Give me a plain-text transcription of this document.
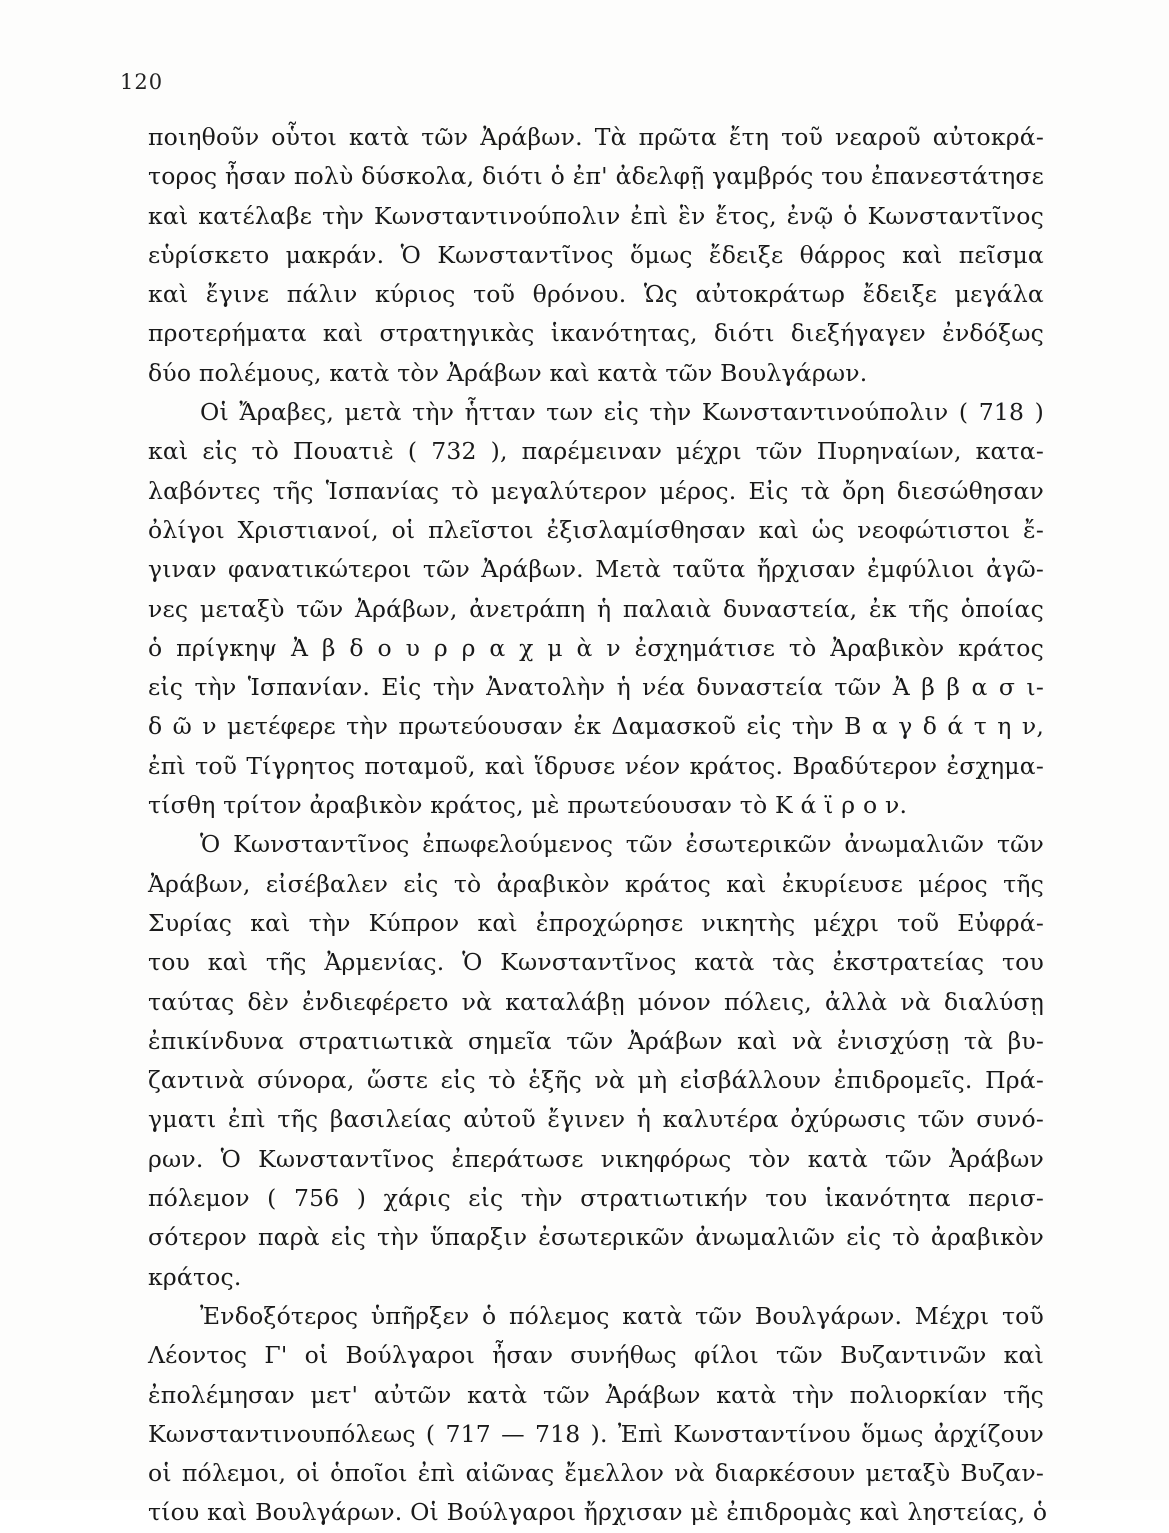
120
ποιηθοῦν οὗτοι κατὰ τῶν Ἀράβων. Τὰ πρῶτα ἔτη τοῦ νεαροῦ αὐτοκρά-
τορος ἦσαν πολὺ δύσκολα, διότι ὁ ἐπ' ἀδελφῇ γαμβρός του ἐπανεστάτησε
καὶ κατέλαβε τὴν Κωνσταντινούπολιν ἐπὶ ἓν ἔτος, ἐνῷ ὁ Κωνσταντῖνος
εὑρίσκετο μακράν. Ὁ Κωνσταντῖνος ὅμως ἔδειξε θάρρος καὶ πεῖσμα
καὶ ἔγινε πάλιν κύριος τοῦ θρόνου. Ὡς αὐτοκράτωρ ἔδειξε μεγάλα
προτερήματα καὶ στρατηγικὰς ἱκανότητας, διότι διεξήγαγεν ἐνδόξως
δύο πολέμους, κατὰ τὸν Ἀράβων καὶ κατὰ τῶν Βουλγάρων.
Οἱ Ἄραβες, μετὰ τὴν ἧτταν των εἰς τὴν Κωνσταντινούπολιν ( 718 )
καὶ εἰς τὸ Πουατιὲ ( 732 ), παρέμειναν μέχρι τῶν Πυρηναίων, κατα-
λαβόντες τῆς Ἱσπανίας τὸ μεγαλύτερον μέρος. Εἰς τὰ ὄρη διεσώθησαν
ὀλίγοι Χριστιανοί, οἱ πλεῖστοι ἐξισλαμίσθησαν καὶ ὡς νεοφώτιστοι ἔ-
γιναν φανατικώτεροι τῶν Ἀράβων. Μετὰ ταῦτα ἤρχισαν ἐμφύλιοι ἀγῶ-
νες μεταξὺ τῶν Ἀράβων, ἀνετράπη ἡ παλαιὰ δυναστεία, ἐκ τῆς ὁποίας
ὁ πρίγκηψ Ἀ β δ ο υ ρ ρ α χ μ ὰ ν ἐσχημάτισε τὸ Ἀραβικὸν κράτος
εἰς τὴν Ἱσπανίαν. Εἰς τὴν Ἀνατολὴν ἡ νέα δυναστεία τῶν Ἀ β β α σ ι-
δ ῶ ν μετέφερε τὴν πρωτεύουσαν ἐκ Δαμασκοῦ εἰς τὴν Β α γ δ ά τ η ν,
ἐπὶ τοῦ Τίγρητος ποταμοῦ, καὶ ἵδρυσε νέον κράτος. Βραδύτερον ἐσχημα-
τίσθη τρίτον ἀραβικὸν κράτος, μὲ πρωτεύουσαν τὸ Κ ά ϊ ρ ο ν.
Ὁ Κωνσταντῖνος ἐπωφελούμενος τῶν ἐσωτερικῶν ἀνωμαλιῶν τῶν
Ἀράβων, εἰσέβαλεν εἰς τὸ ἀραβικὸν κράτος καὶ ἐκυρίευσε μέρος τῆς
Συρίας καὶ τὴν Κύπρον καὶ ἐπροχώρησε νικητὴς μέχρι τοῦ Εὐφρά-
του καὶ τῆς Ἀρμενίας. Ὁ Κωνσταντῖνος κατὰ τὰς ἐκστρατείας του
ταύτας δὲν ἐνδιεφέρετο νὰ καταλάβῃ μόνον πόλεις, ἀλλὰ νὰ διαλύσῃ
ἐπικίνδυνα στρατιωτικὰ σημεῖα τῶν Ἀράβων καὶ νὰ ἐνισχύσῃ τὰ βυ-
ζαντινὰ σύνορα, ὥστε εἰς τὸ ἑξῆς νὰ μὴ εἰσβάλλουν ἐπιδρομεῖς. Πρά-
γματι ἐπὶ τῆς βασιλείας αὐτοῦ ἔγινεν ἡ καλυτέρα ὀχύρωσις τῶν συνό-
ρων. Ὁ Κωνσταντῖνος ἐπεράτωσε νικηφόρως τὸν κατὰ τῶν Ἀράβων
πόλεμον ( 756 ) χάρις εἰς τὴν στρατιωτικήν του ἱκανότητα περισ-
σότερον παρὰ εἰς τὴν ὕπαρξιν ἐσωτερικῶν ἀνωμαλιῶν εἰς τὸ ἀραβικὸν
κράτος.
Ἐνδοξότερος ὑπῆρξεν ὁ πόλεμος κατὰ τῶν Βουλγάρων. Μέχρι τοῦ
Λέοντος Γ' οἱ Βούλγαροι ἦσαν συνήθως φίλοι τῶν Βυζαντινῶν καὶ
ἐπολέμησαν μετ' αὐτῶν κατὰ τῶν Ἀράβων κατὰ τὴν πολιορκίαν τῆς
Κωνσταντινουπόλεως ( 717 — 718 ). Ἐπὶ Κωνσταντίνου ὅμως ἀρχίζουν
οἱ πόλεμοι, οἱ ὁποῖοι ἐπὶ αἰῶνας ἔμελλον νὰ διαρκέσουν μεταξὺ Βυζαν-
τίου καὶ Βουλγάρων. Οἱ Βούλγαροι ἤρχισαν μὲ ἐπιδρομὰς καὶ ληστείας, ὁ
